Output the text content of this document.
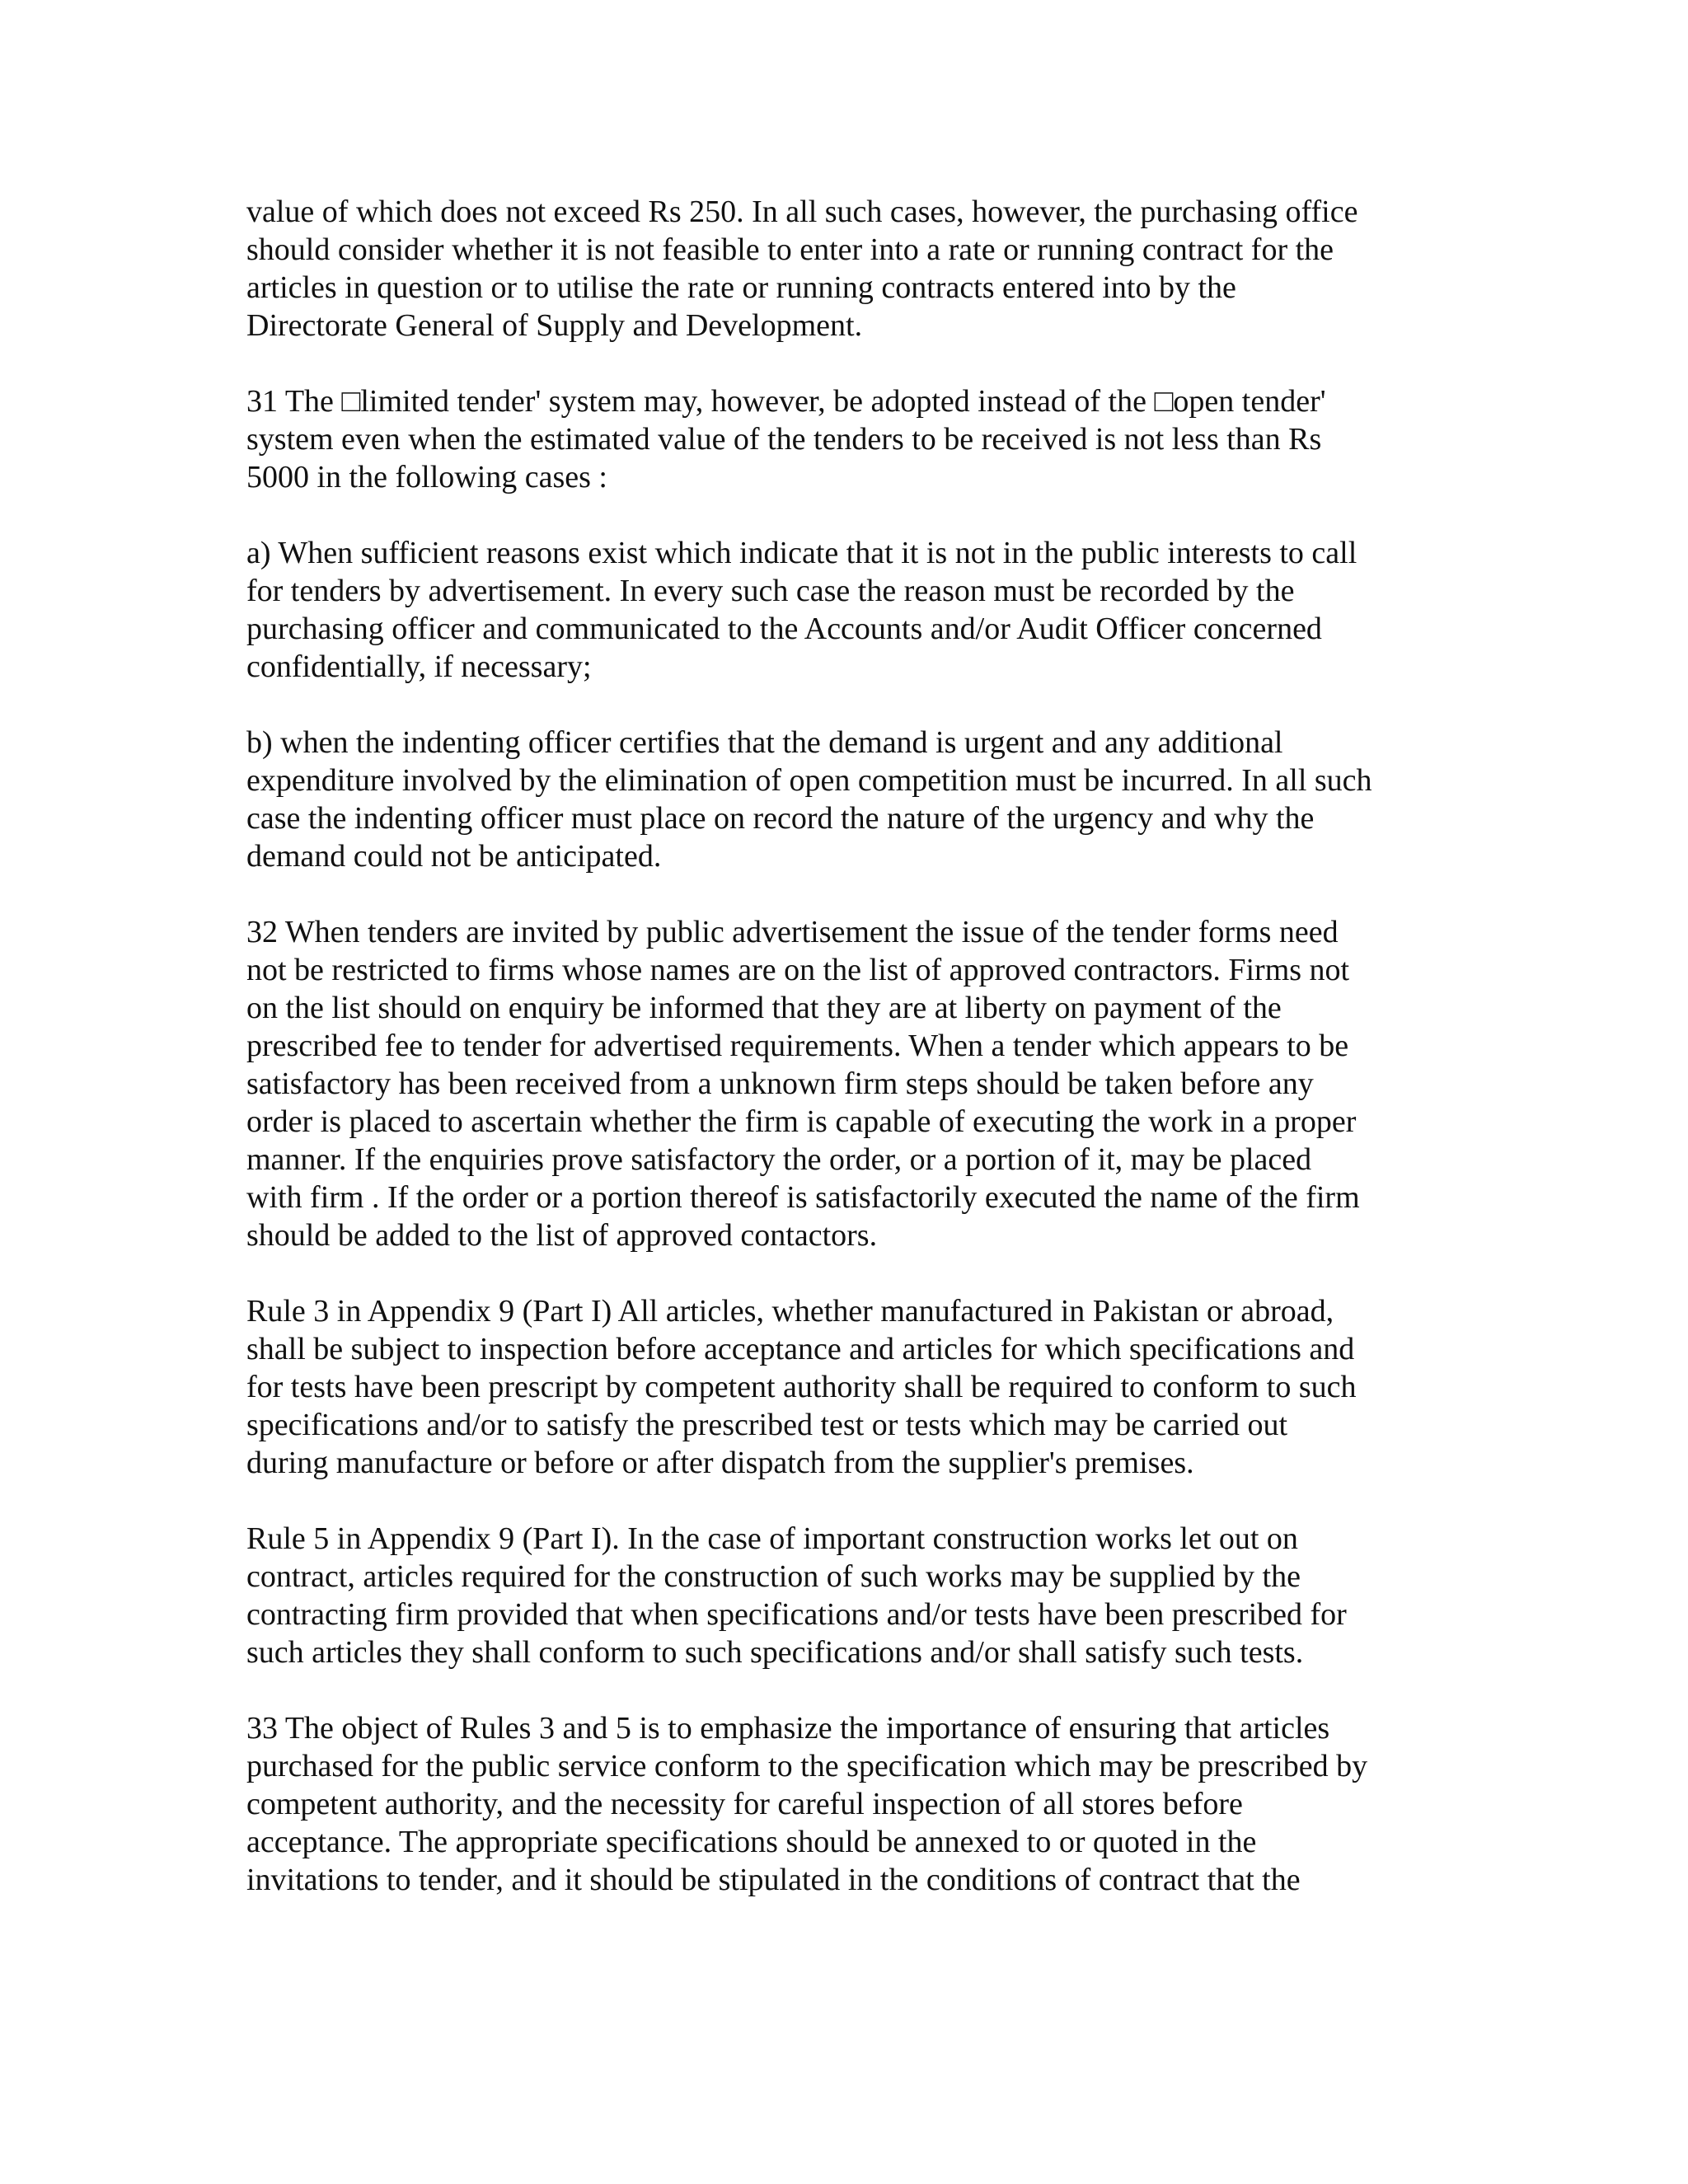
value of which does not exceed Rs 250. In all such cases, however, the purchasing office
should consider whether it is not feasible to enter into a rate or running contract for the
articles in question or to utilise the rate or running contracts entered into by the
Directorate General of Supply and Development.

31 The □limited tender' system may, however, be adopted instead of the □open tender'
system even when the estimated value of the tenders to be received is not less than Rs
5000 in the following cases :

a) When sufficient reasons exist which indicate that it is not in the public interests to call
for tenders by advertisement. In every such case the reason must be recorded by the
purchasing officer and communicated to the Accounts and/or Audit Officer concerned
confidentially, if necessary;

b) when the indenting officer certifies that the demand is urgent and any additional
expenditure involved by the elimination of open competition must be incurred. In all such
case the indenting officer must place on record the nature of the urgency and why the
demand could not be anticipated.

32 When tenders are invited by public advertisement the issue of the tender forms need
not be restricted to firms whose names are on the list of approved contractors. Firms not
on the list should on enquiry be informed that they are at liberty on payment of the
prescribed fee to tender for advertised requirements. When a tender which appears to be
satisfactory has been received from a unknown firm steps should be taken before any
order is placed to ascertain whether the firm is capable of executing the work in a proper
manner. If the enquiries prove satisfactory the order, or a portion of it, may be placed
with firm . If the order or a portion thereof is satisfactorily executed the name of the firm
should be added to the list of approved contactors.

Rule 3 in Appendix 9 (Part I) All articles, whether manufactured in Pakistan or abroad,
shall be subject to inspection before acceptance and articles for which specifications and
for tests have been prescript by competent authority shall be required to conform to such
specifications and/or to satisfy the prescribed test or tests which may be carried out
during manufacture or before or after dispatch from the supplier's premises.

Rule 5 in Appendix 9 (Part I). In the case of important construction works let out on
contract, articles required for the construction of such works may be supplied by the
contracting firm provided that when specifications and/or tests have been prescribed for
such articles they shall conform to such specifications and/or shall satisfy such tests.

33 The object of Rules 3 and 5 is to emphasize the importance of ensuring that articles
purchased for the public service conform to the specification which may be prescribed by
competent authority, and the necessity for careful inspection of all stores before
acceptance. The appropriate specifications should be annexed to or quoted in the
invitations to tender, and it should be stipulated in the conditions of contract that the
